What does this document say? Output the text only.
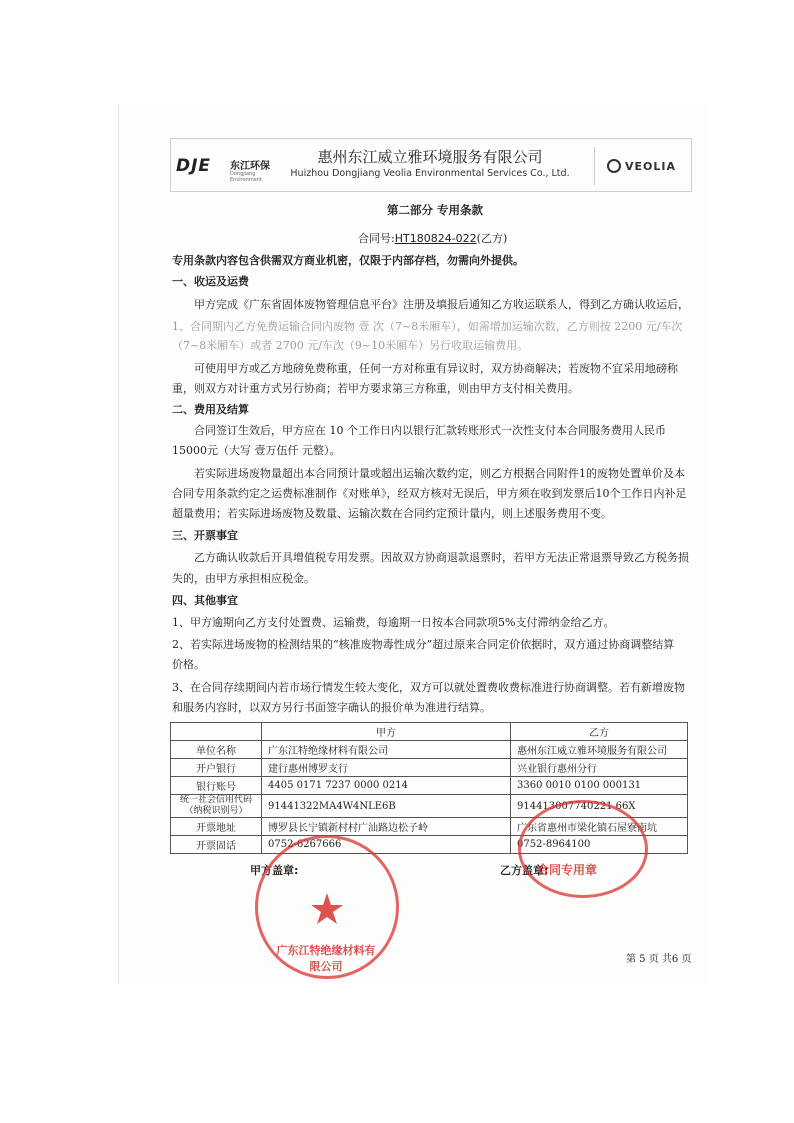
DJE 东江环保
Dongjiang Environment
惠州东江威立雅环境服务有限公司
Huizhou Dongjiang Veolia Environmental Services Co., Ltd.
VEOLIA
第二部分 专用条款
合同号:HT180824-022(乙方)
专用条款内容包含供需双方商业机密，仅限于内部存档，勿需向外提供。
一、收运及运费
甲方完成《广东省固体废物管理信息平台》注册及填报后通知乙方收运联系人，得到乙方确认收运后，
1、合同期内乙方免费运输合同内废物 壹 次（7~8米厢车），如需增加运输次数，乙方则按 2200 元/车次
（7~8米厢车）或者 2700 元/车次（9~10米厢车）另行收取运输费用。
可使用甲方或乙方地磅免费称重，任何一方对称重有异议时，双方协商解决；若废物不宜采用地磅称
重，则双方对计重方式另行协商；若甲方要求第三方称重，则由甲方支付相关费用。
二、费用及结算
合同签订生效后，甲方应在 10 个工作日内以银行汇款转账形式一次性支付本合同服务费用人民币
15000元（大写 壹万伍仟 元整）。
若实际进场废物量超出本合同预计量或超出运输次数约定，则乙方根据合同附件1的废物处置单价及本
合同专用条款约定之运费标准制作《对账单》，经双方核对无误后，甲方须在收到发票后10个工作日内补足
超量费用；若实际进场废物及数量、运输次数在合同约定预计量内，则上述服务费用不变。
三、开票事宜
乙方确认收款后开具增值税专用发票。因故双方协商退款退票时，若甲方无法正常退票导致乙方税务损
失的，由甲方承担相应税金。
四、其他事宜
1、甲方逾期向乙方支付处置费、运输费，每逾期一日按本合同款项5%支付滞纳金给乙方。
2、若实际进场废物的检测结果的“核准废物毒性成分”超过原来合同定价依据时，双方通过协商调整结算
价格。
3、在合同存续期间内若市场行情发生较大变化，双方可以就处置费收费标准进行协商调整。若有新增废物
和服务内容时，以双方另行书面签字确认的报价单为准进行结算。
	甲方	乙方
单位名称	广东江特绝缘材料有限公司	惠州东江威立雅环境服务有限公司
开户银行	建行惠州博罗支行	兴业银行惠州分行
银行账号	4405 0171 7237 0000 0214	3360 0010 0100 000131
统一社会信用代码（纳税识别号）	91441322MA4W4NLE6B	914413007740221 66X
开票地址	博罗县长宁镇新村村广汕路边松子岭	广东省惠州市梁化镇石屋寮南坑
开票固话	0752-6267666	0752-8964100
甲方盖章:	乙方盖章:
广东江特绝缘材料有限公司
合同专用章
第 5 页 共6 页
